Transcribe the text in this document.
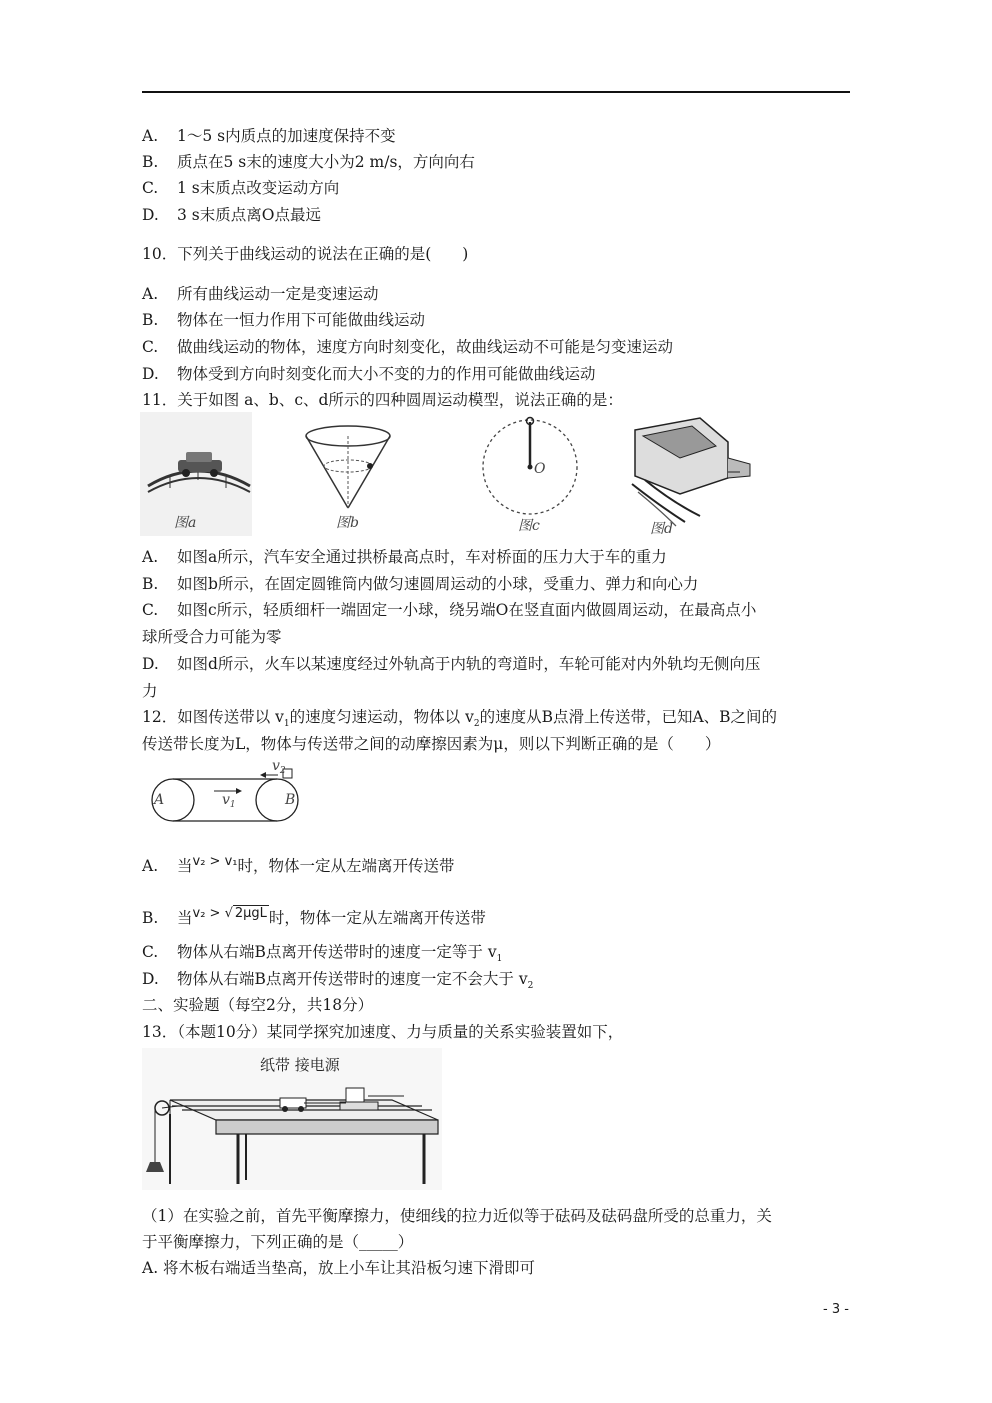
A. 1～5 s内质点的加速度保持不变
B. 质点在5 s末的速度大小为2 m/s，方向向右
C. 1 s末质点改变运动方向
D. 3 s末质点离O点最远
10．下列关于曲线运动的说法在正确的是(　　)
A. 所有曲线运动一定是变速运动
B. 物体在一恒力作用下可能做曲线运动
C. 做曲线运动的物体，速度方向时刻变化，故曲线运动不可能是匀变速运动
D. 物体受到方向时刻变化而大小不变的力的作用可能做曲线运动
11．关于如图 a、b、c、d所示的四种圆周运动模型，说法正确的是：
图a	图b
O
图c	图d
A. 如图a所示，汽车安全通过拱桥最高点时，车对桥面的压力大于车的重力
B. 如图b所示，在固定圆锥筒内做匀速圆周运动的小球，受重力、弹力和向心力
C. 如图c所示，轻质细杆一端固定一小球，绕另端O在竖直面内做圆周运动，在最高点小
球所受合力可能为零
D. 如图d所示，火车以某速度经过外轨高于内轨的弯道时，车轮可能对内外轨均无侧向压
力
12．如图传送带以 $v_1$的速度匀速运动，物体以 $v_2$的速度从B点滑上传送带，已知A、B之间的
传送带长度为L，物体与传送带之间的动摩擦因素为μ，则以下判断正确的是（　　）
A	B
$v_1$
$v_2$
A. 当$^{v_2 > v_1}$时，物体一定从左端离开传送带
B. 当$^{v_2 > √ 2\mu gL}$ 时，物体一定从左端离开传送带
C. 物体从右端B点离开传送带时的速度一定等于 $v_1$
D. 物体从右端B点离开传送带时的速度一定不会大于 $v_2$
二、实验题（每空2分，共18分）
13．（本题10分）某同学探究加速度、力与质量的关系实验装置如下，
纸带 接电源
（1）在实验之前，首先平衡摩擦力，使细线的拉力近似等于砝码及砝码盘所受的总重力，关
于平衡摩擦力，下列正确的是（_____）
A. 将木板右端适当垫高，放上小车让其沿板匀速下滑即可
- 3 -
